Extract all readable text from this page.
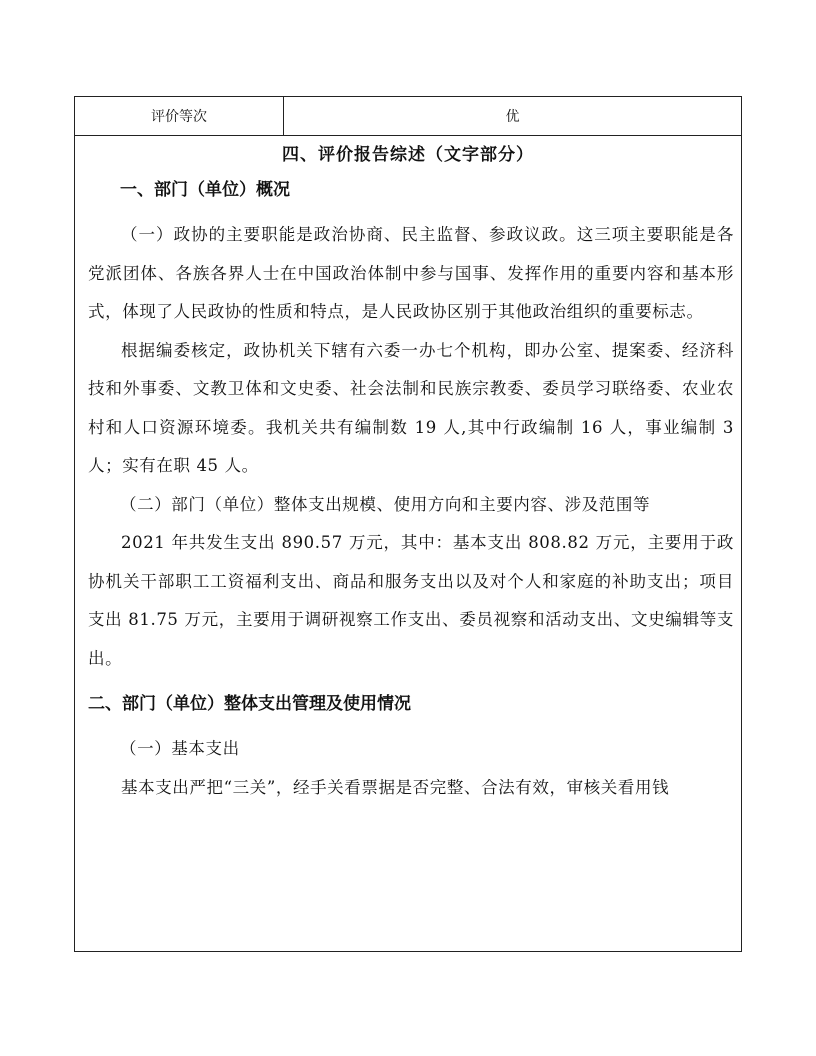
评价等次	优
四、评价报告综述（文字部分）

一、部门（单位）概况

（一）政协的主要职能是政治协商、民主监督、参政议政。这三项主要职能是各党派团体、各族各界人士在中国政治体制中参与国事、发挥作用的重要内容和基本形式，体现了人民政协的性质和特点，是人民政协区别于其他政治组织的重要标志。

根据编委核定，政协机关下辖有六委一办七个机构，即办公室、提案委、经济科技和外事委、文教卫体和文史委、社会法制和民族宗教委、委员学习联络委、农业农村和人口资源环境委。我机关共有编制数 19 人,其中行政编制 16 人，事业编制 3 人；实有在职 45 人。

（二）部门（单位）整体支出规模、使用方向和主要内容、涉及范围等

2021 年共发生支出 890.57 万元，其中：基本支出 808.82 万元，主要用于政协机关干部职工工资福利支出、商品和服务支出以及对个人和家庭的补助支出；项目支出 81.75 万元，主要用于调研视察工作支出、委员视察和活动支出、文史编辑等支出。

二、部门（单位）整体支出管理及使用情况

（一）基本支出

基本支出严把“三关”，经手关看票据是否完整、合法有效，审核关看用钱
